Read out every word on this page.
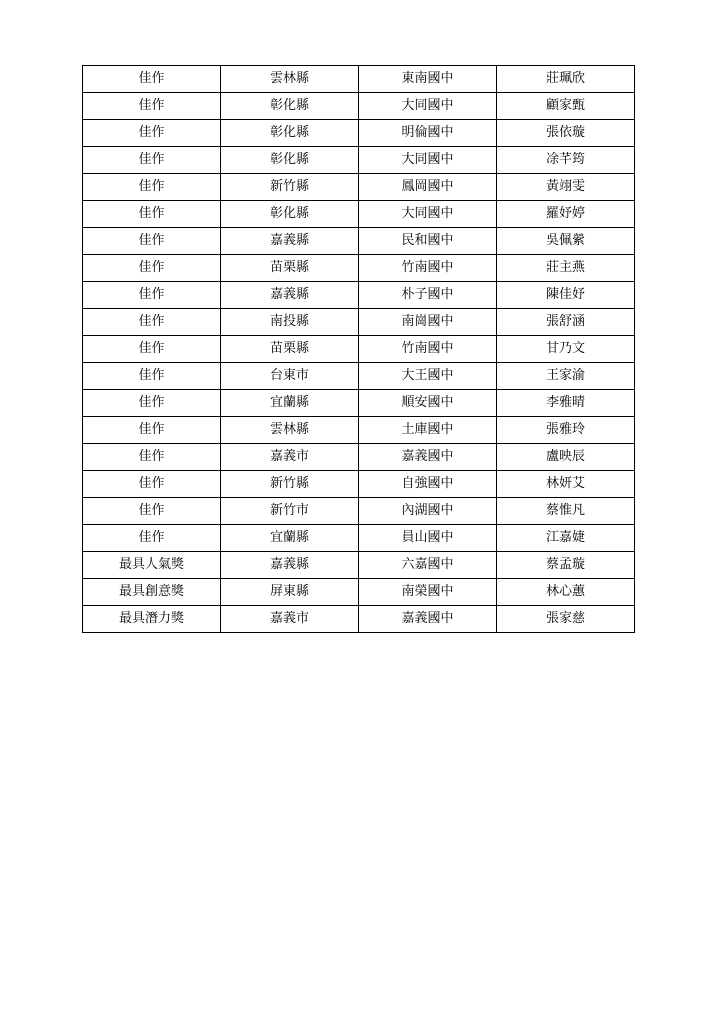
佳作	雲林縣	東南國中	莊珮欣
佳作	彰化縣	大同國中	顧家甄
佳作	彰化縣	明倫國中	張依璇
佳作	彰化縣	大同國中	凃芊筠
佳作	新竹縣	鳳岡國中	黃翊雯
佳作	彰化縣	大同國中	羅妤婷
佳作	嘉義縣	民和國中	吳佩縈
佳作	苗栗縣	竹南國中	莊主燕
佳作	嘉義縣	朴子國中	陳佳妤
佳作	南投縣	南崗國中	張舒涵
佳作	苗栗縣	竹南國中	甘乃文
佳作	台東市	大王國中	王家渝
佳作	宜蘭縣	順安國中	李雅晴
佳作	雲林縣	土庫國中	張雅玲
佳作	嘉義市	嘉義國中	盧映辰
佳作	新竹縣	自強國中	林妍艾
佳作	新竹市	內湖國中	蔡惟凡
佳作	宜蘭縣	員山國中	江嘉婕
最具人氣獎	嘉義縣	六嘉國中	蔡孟璇
最具創意獎	屏東縣	南榮國中	林心蕙
最具潛力獎	嘉義市	嘉義國中	張家慈
